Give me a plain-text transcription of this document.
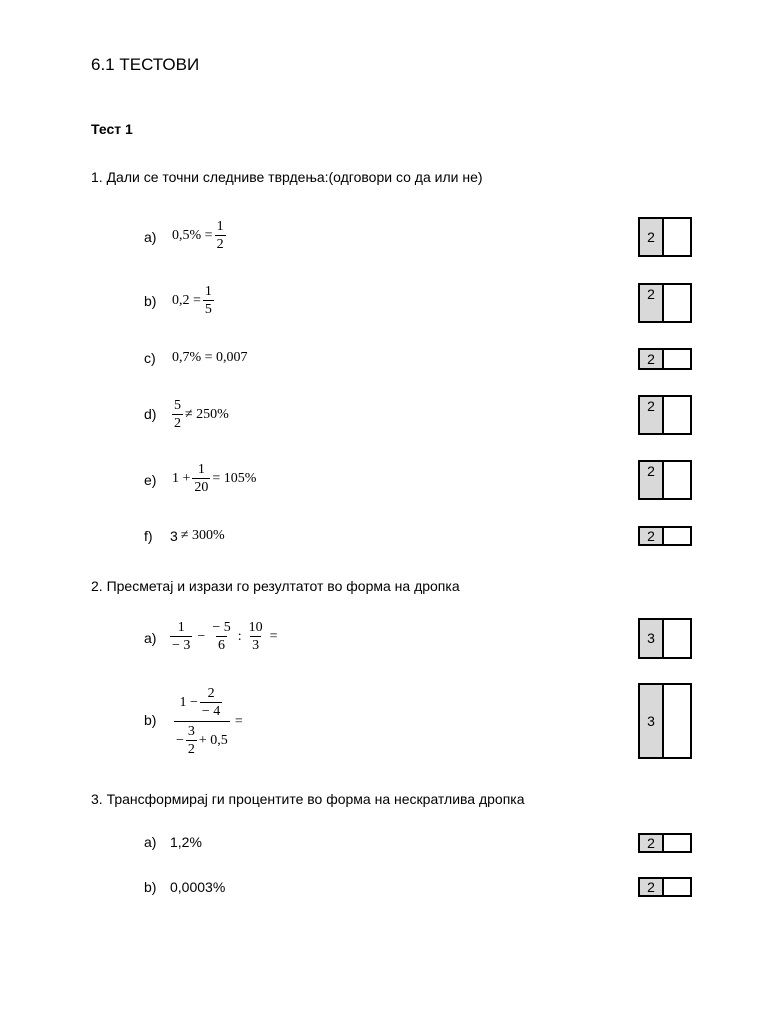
6.1 ТЕСТОВИ
Тест 1
1. Дали се точни следниве тврдења:(одговори со да или не)
a) $0,5\% = \frac{1}{2}$	2
b) $0,2 = \frac{1}{5}$	2
c) 0,7% = 0,007	2
$d) \frac{5}{2} \ne 250\%$	2
e) $1 + \frac{1}{20} = 105\%$	2
f) 3 ≠ 300%	2
2. Пресметај и изрази го резултатот во форма на дропка
$a) \frac{1}{- 3} - \frac{- 5}{6}$ : $\frac{10}{3}$ =	3
$b) \frac{1 - \frac{2}{- 4}}{- \frac{3}{2} + 0,5}$ =	3
3. Трансформирај ги процентите во форма на нескратлива дропка
a) 1,2%	2
b) 0,0003%	2
